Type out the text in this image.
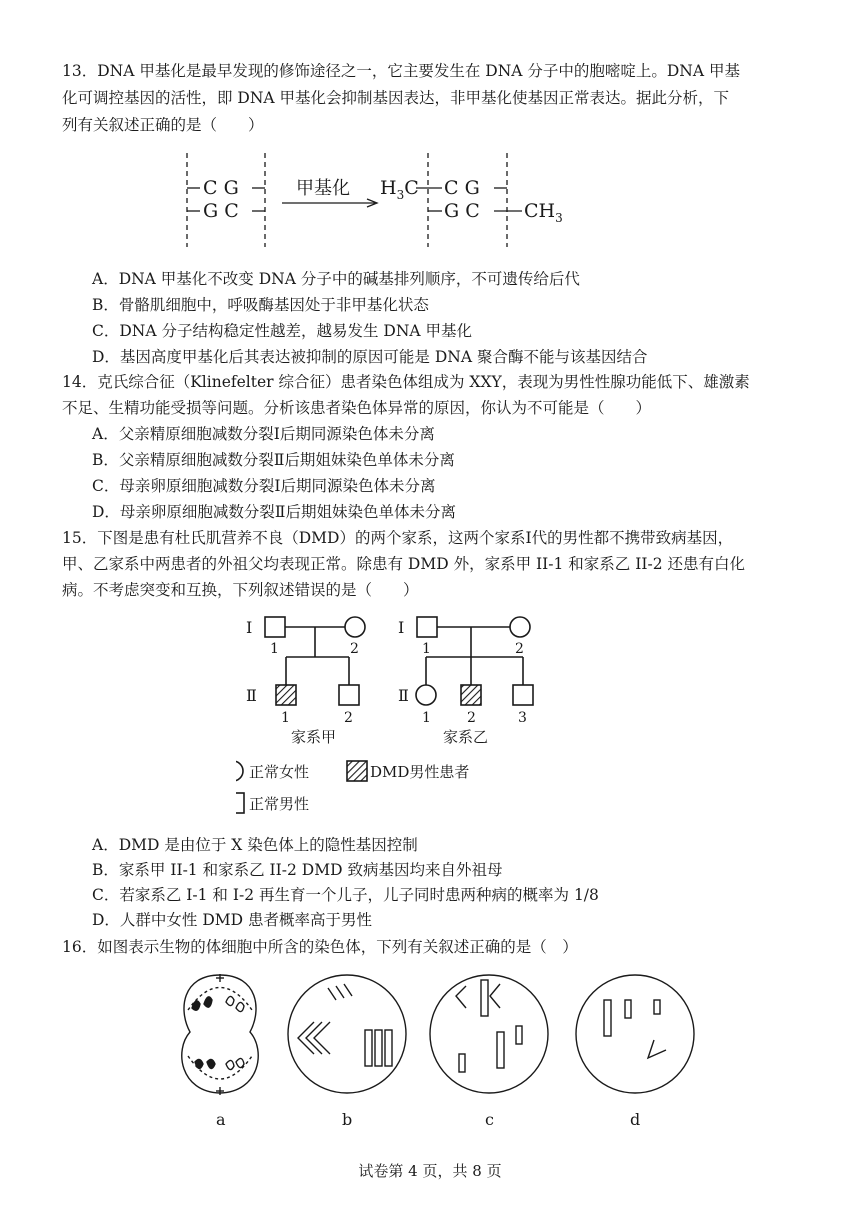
13．DNA 甲基化是最早发现的修饰途径之一，它主要发生在 DNA 分子中的胞嘧啶上。DNA 甲基
化可调控基因的活性，即 DNA 甲基化会抑制基因表达，非甲基化使基因正常表达。据此分析，下
列有关叙述正确的是（　　）
C G
G C
甲基化 $H_3C$ C G
G C $CH_3$
A．DNA 甲基化不改变 DNA 分子中的碱基排列顺序，不可遗传给后代
B．骨骼肌细胞中，呼吸酶基因处于非甲基化状态
C．DNA 分子结构稳定性越差，越易发生 DNA 甲基化
D．基因高度甲基化后其表达被抑制的原因可能是 DNA 聚合酶不能与该基因结合
14．克氏综合征（Klinefelter 综合征）患者染色体组成为 XXY，表现为男性性腺功能低下、雄激素
不足、生精功能受损等问题。分析该患者染色体异常的原因，你认为不可能是（　　）
A．父亲精原细胞减数分裂Ⅰ后期同源染色体未分离
B．父亲精原细胞减数分裂Ⅱ后期姐妹染色单体未分离
C．母亲卵原细胞减数分裂Ⅰ后期同源染色体未分离
D．母亲卵原细胞减数分裂Ⅱ后期姐妹染色单体未分离
15．下图是患有杜氏肌营养不良（DMD）的两个家系，这两个家系Ⅰ代的男性都不携带致病基因，
甲、乙家系中两患者的外祖父均表现正常。除患有 DMD 外，家系甲 II-1 和家系乙 II-2 还患有白化
病。不考虑突变和互换，下列叙述错误的是（　　）
Ⅰ
1	2
Ⅱ
1	2
家系甲
Ⅰ
1	2
Ⅱ
1	2	3
家系乙
正常女性	DMD男性患者
正常男性
A．DMD 是由位于 X 染色体上的隐性基因控制
B．家系甲 II-1 和家系乙 II-2 DMD 致病基因均来自外祖母
C．若家系乙 I-1 和 I-2 再生育一个儿子，儿子同时患两种病的概率为 1/8
D．人群中女性 DMD 患者概率高于男性
16．如图表示生物的体细胞中所含的染色体，下列有关叙述正确的是（　）
a	b	c	d
试卷第 4 页，共 8 页
